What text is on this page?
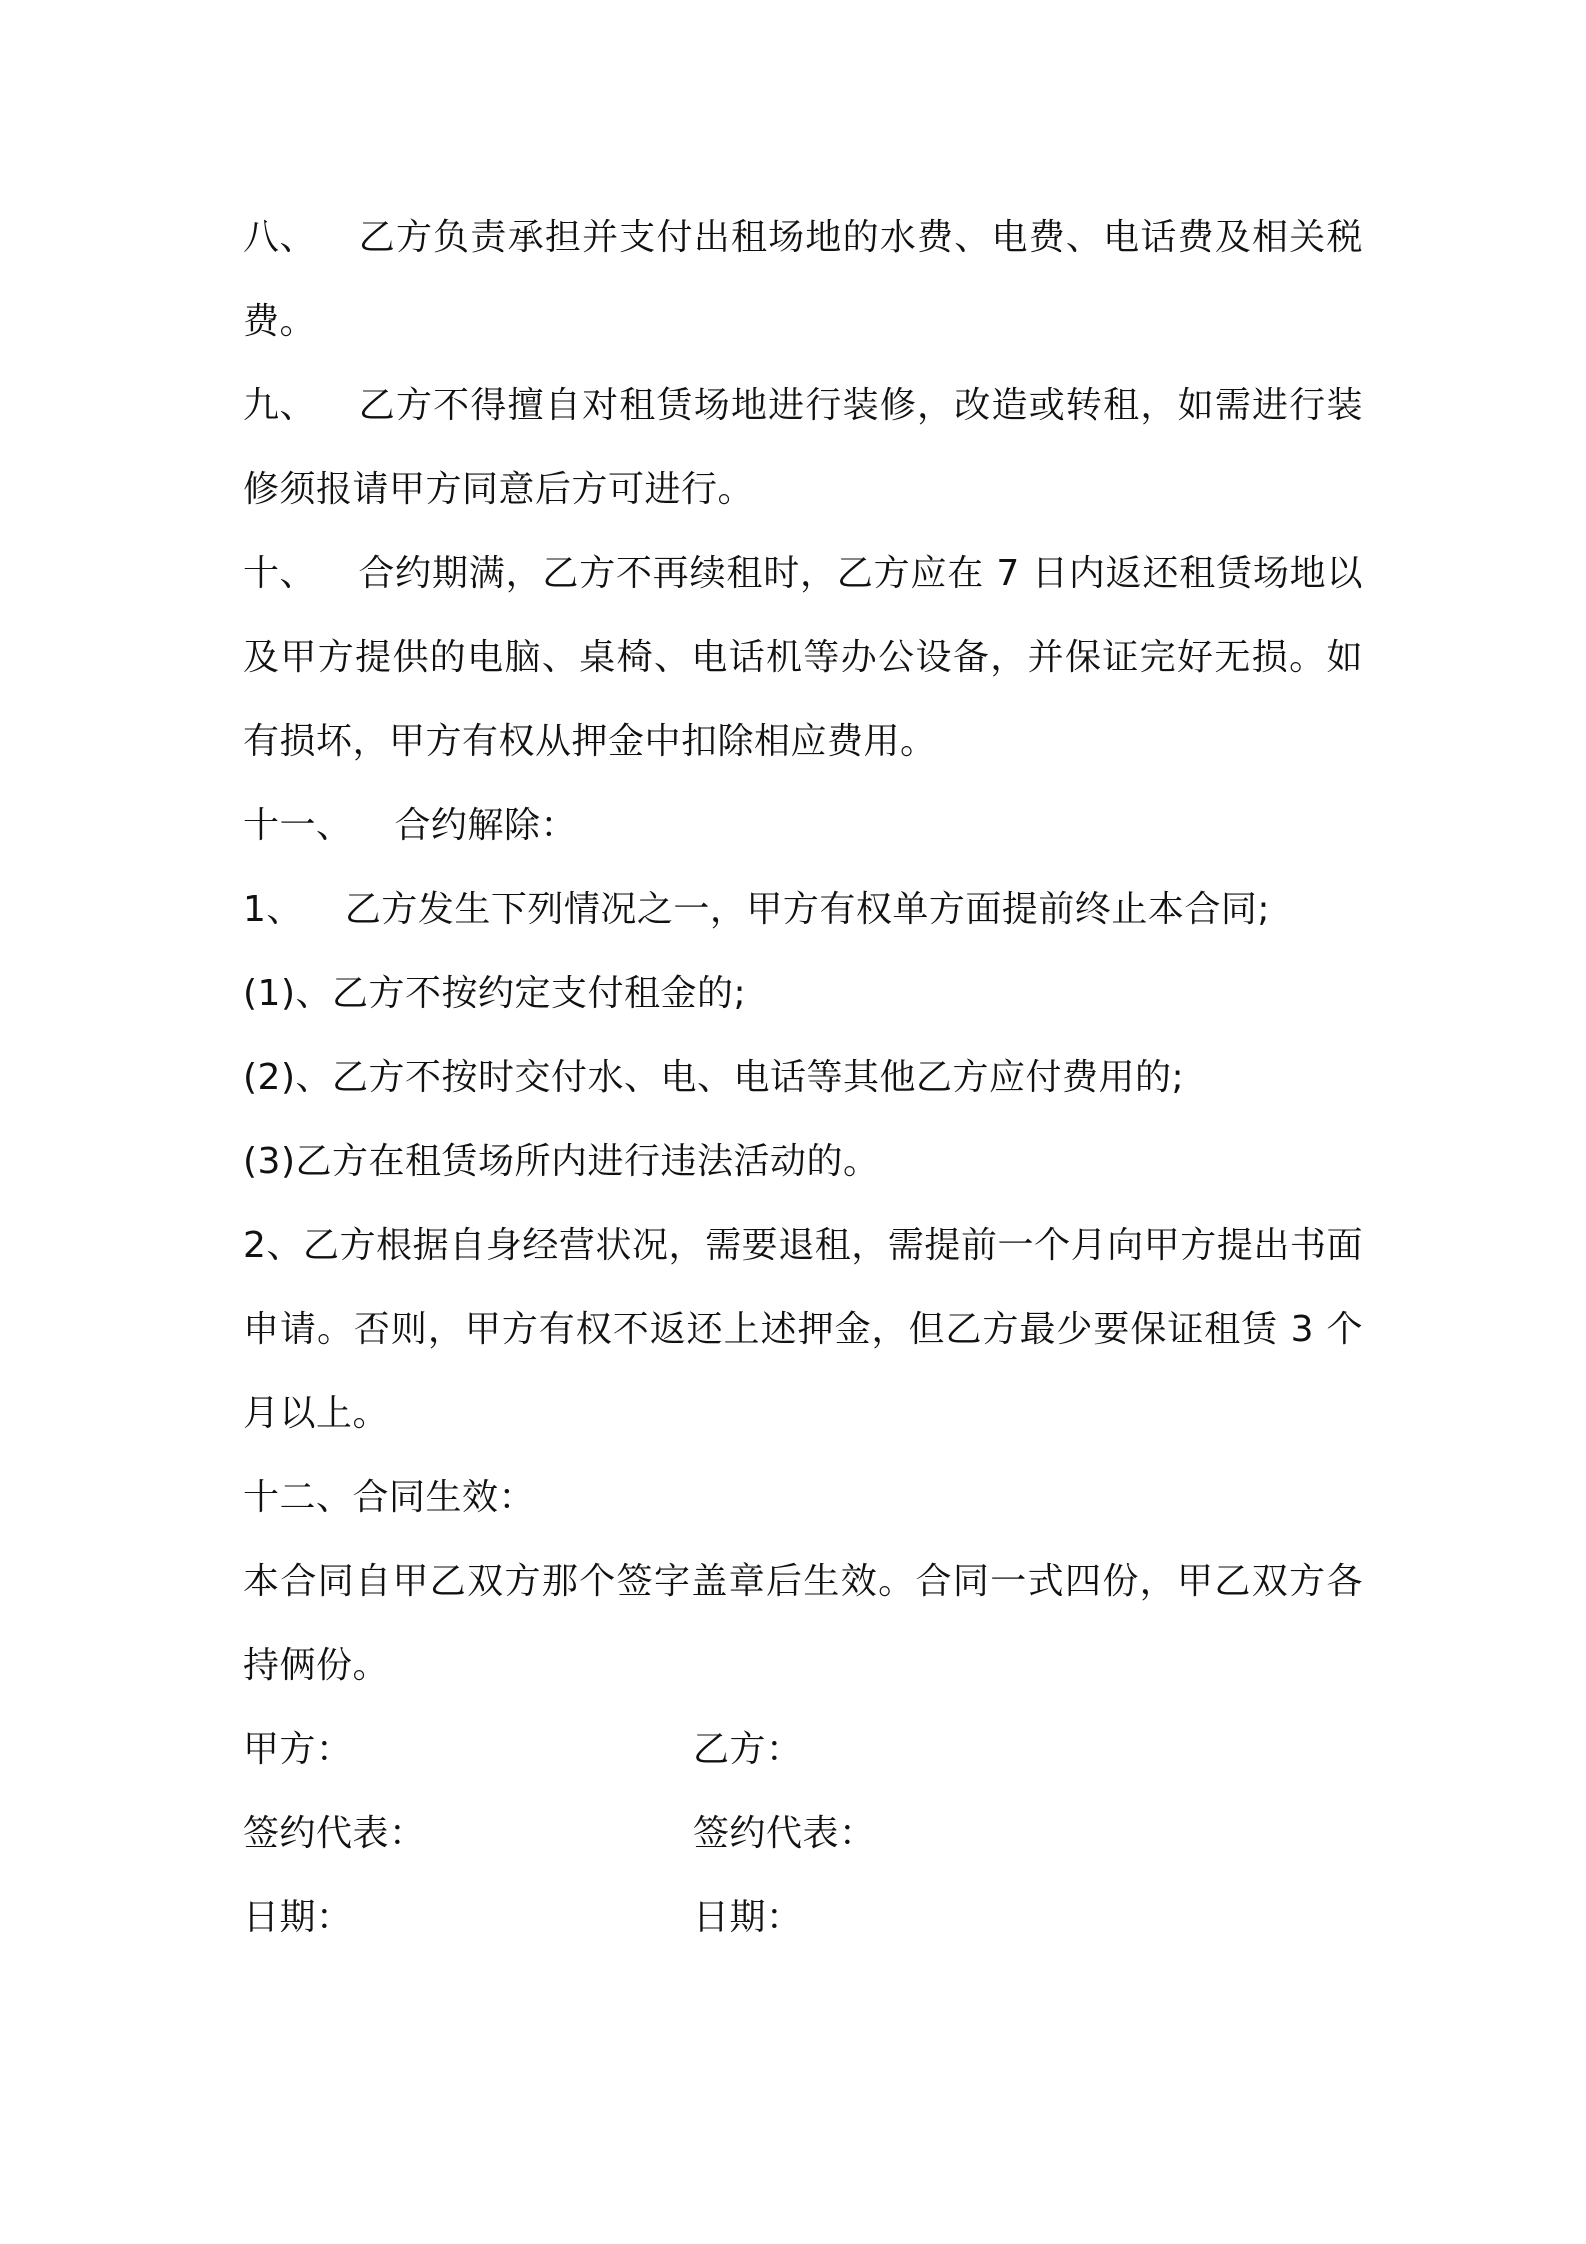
八、 乙方负责承担并支付出租场地的水费、电费、电话费及相关税费。

九、 乙方不得擅自对租赁场地进行装修，改造或转租，如需进行装修须报请甲方同意后方可进行。

十、 合约期满，乙方不再续租时，乙方应在 7 日内返还租赁场地以及甲方提供的电脑、桌椅、电话机等办公设备，并保证完好无损。如有损坏，甲方有权从押金中扣除相应费用。

十一、 合约解除：

1、 乙方发生下列情况之一，甲方有权单方面提前终止本合同;

(1)、乙方不按约定支付租金的;

(2)、乙方不按时交付水、电、电话等其他乙方应付费用的;

(3)乙方在租赁场所内进行违法活动的。

2、乙方根据自身经营状况，需要退租，需提前一个月向甲方提出书面申请。否则，甲方有权不返还上述押金，但乙方最少要保证租赁 3 个月以上。

十二、合同生效：

本合同自甲乙双方那个签字盖章后生效。合同一式四份，甲乙双方各持俩份。

甲方：	乙方：
签约代表：	签约代表：
日期：	日期：
